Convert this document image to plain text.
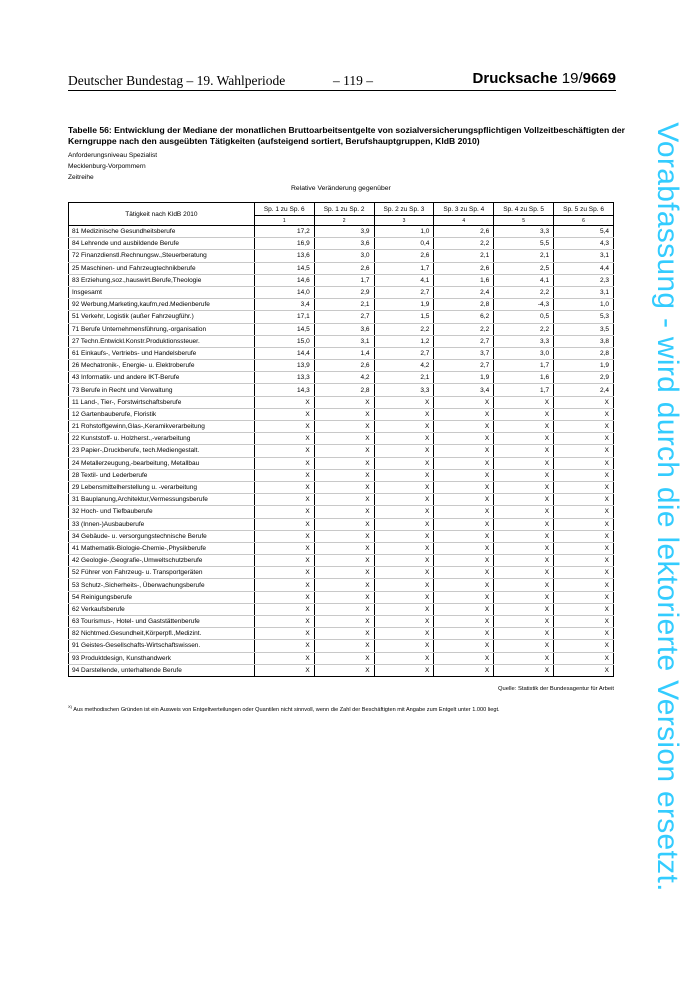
Deutscher Bundestag – 19. Wahlperiode	– 119 –	Drucksache 19/9669
Tabelle 56: Entwicklung der Mediane der monatlichen Bruttoarbeitsentgelte von sozialversicherungspflichtigen Vollzeitbeschäftigten der Kerngruppe nach den ausgeübten Tätigkeiten (aufsteigend sortiert, Berufshauptgruppen, KldB 2010)
Anforderungsniveau Spezialist
Mecklenburg-Vorpommern
Zeitreihe
Relative Veränderung gegenüber
Tätigkeit nach KldB 2010	Sp. 1 zu Sp. 6	Sp. 1 zu Sp. 2	Sp. 2 zu Sp. 3	Sp. 3 zu Sp. 4	Sp. 4 zu Sp. 5	Sp. 5 zu Sp. 6
	1	2	3	4	5	6
81 Medizinische Gesundheitsberufe	17,2	3,9	1,0	2,6	3,3	5,4
84 Lehrende und ausbildende Berufe	16,9	3,6	0,4	2,2	5,5	4,3
72 Finanzdienstl.Rechnungsw.,Steuerberatung	13,6	3,0	2,6	2,1	2,1	3,1
25 Maschinen- und Fahrzeugtechnikberufe	14,5	2,6	1,7	2,6	2,5	4,4
83 Erziehung,soz.,hauswirt.Berufe,Theologie	14,6	1,7	4,1	1,6	4,1	2,3
Insgesamt	14,0	2,9	2,7	2,4	2,2	3,1
92 Werbung,Marketing,kaufm,red.Medienberufe	3,4	2,1	1,9	2,8	-4,3	1,0
51 Verkehr, Logistik (außer Fahrzeugführ.)	17,1	2,7	1,5	6,2	0,5	5,3
71 Berufe Unternehmensführung,-organisation	14,5	3,6	2,2	2,2	2,2	3,5
27 Techn.Entwickl.Konstr.Produktionssteuer.	15,0	3,1	1,2	2,7	3,3	3,8
61 Einkaufs-, Vertriebs- und Handelsberufe	14,4	1,4	2,7	3,7	3,0	2,8
26 Mechatronik-, Energie- u. Elektroberufe	13,9	2,6	4,2	2,7	1,7	1,9
43 Informatik- und andere IKT-Berufe	13,3	4,2	2,1	1,9	1,6	2,9
73 Berufe in Recht und Verwaltung	14,3	2,8	3,3	3,4	1,7	2,4
11 Land-, Tier-, Forstwirtschaftsberufe	X	X	X	X	X	X
12 Gartenbauberufe, Floristik	X	X	X	X	X	X
21 Rohstoffgewinn,Glas-,Keramikverarbeitung	X	X	X	X	X	X
22 Kunststoff- u. Holzherst.,-verarbeitung	X	X	X	X	X	X
23 Papier-,Druckberufe, tech.Mediengestalt.	X	X	X	X	X	X
24 Metallerzeugung,-bearbeitung, Metallbau	X	X	X	X	X	X
28 Textil- und Lederberufe	X	X	X	X	X	X
29 Lebensmittelherstellung u. -verarbeitung	X	X	X	X	X	X
31 Bauplanung,Architektur,Vermessungsberufe	X	X	X	X	X	X
32 Hoch- und Tiefbauberufe	X	X	X	X	X	X
33 (Innen-)Ausbauberufe	X	X	X	X	X	X
34 Gebäude- u. versorgungstechnische Berufe	X	X	X	X	X	X
41 Mathematik-Biologie-Chemie-,Physikberufe	X	X	X	X	X	X
42 Geologie-,Geografie-,Umweltschutzberufe	X	X	X	X	X	X
52 Führer von Fahrzeug- u. Transportgeräten	X	X	X	X	X	X
53 Schutz-,Sicherheits-, Überwachungsberufe	X	X	X	X	X	X
54 Reinigungsberufe	X	X	X	X	X	X
62 Verkaufsberufe	X	X	X	X	X	X
63 Tourismus-, Hotel- und Gaststättenberufe	X	X	X	X	X	X
82 Nichtmed.Gesundheit,Körperpfl.,Medizint.	X	X	X	X	X	X
91 Geistes-Gesellschafts-Wirtschaftswissen.	X	X	X	X	X	X
93 Produktdesign, Kunsthandwerk	X	X	X	X	X	X
94 Darstellende, unterhaltende Berufe	X	X	X	X	X	X
Quelle: Statistik der Bundesagentur für Arbeit
$^{X)}$ Aus methodischen Gründen ist ein Ausweis von Entgeltverteilungen oder Quantilen nicht sinnvoll, wenn die Zahl der Beschäftigten mit Angabe zum Entgelt unter 1.000 liegt.	Vorabfassung - wird durch die lektorierte Version ersetzt.
